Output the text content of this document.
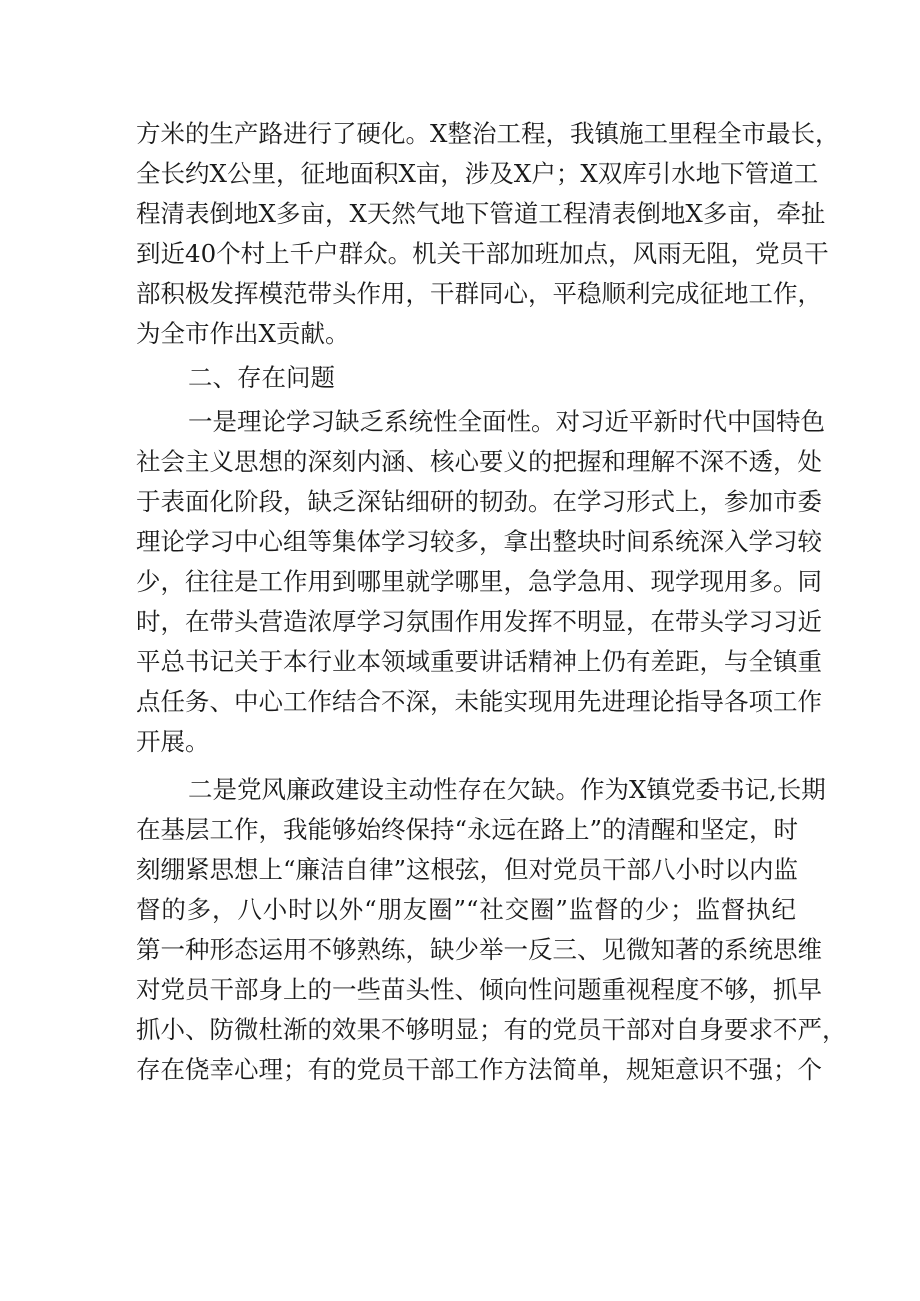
方米的生产路进行了硬化。X整治工程，我镇施工里程全市最长，
全长约X公里，征地面积X亩，涉及X户；X双库引水地下管道工
程清表倒地X多亩，X天然气地下管道工程清表倒地X多亩，牵扯
到近40个村上千户群众。机关干部加班加点，风雨无阻，党员干
部积极发挥模范带头作用，干群同心，平稳顺利完成征地工作，
为全市作出X贡献。
二、存在问题
一是理论学习缺乏系统性全面性。对习近平新时代中国特色
社会主义思想的深刻内涵、核心要义的把握和理解不深不透，处
于表面化阶段，缺乏深钻细研的韧劲。在学习形式上，参加市委
理论学习中心组等集体学习较多，拿出整块时间系统深入学习较
少，往往是工作用到哪里就学哪里，急学急用、现学现用多。同
时，在带头营造浓厚学习氛围作用发挥不明显，在带头学习习近
平总书记关于本行业本领域重要讲话精神上仍有差距，与全镇重
点任务、中心工作结合不深，未能实现用先进理论指导各项工作
开展。
二是党风廉政建设主动性存在欠缺。作为X镇党委书记,长期
在基层工作，我能够始终保持“永远在路上”的清醒和坚定，时
刻绷紧思想上“廉洁自律”这根弦，但对党员干部八小时以内监
督的多，八小时以外“朋友圈”“社交圈”监督的少；监督执纪
第一种形态运用不够熟练，缺少举一反三、见微知著的系统思维
对党员干部身上的一些苗头性、倾向性问题重视程度不够，抓早
抓小、防微杜渐的效果不够明显；有的党员干部对自身要求不严，
存在侥幸心理；有的党员干部工作方法简单，规矩意识不强；个
